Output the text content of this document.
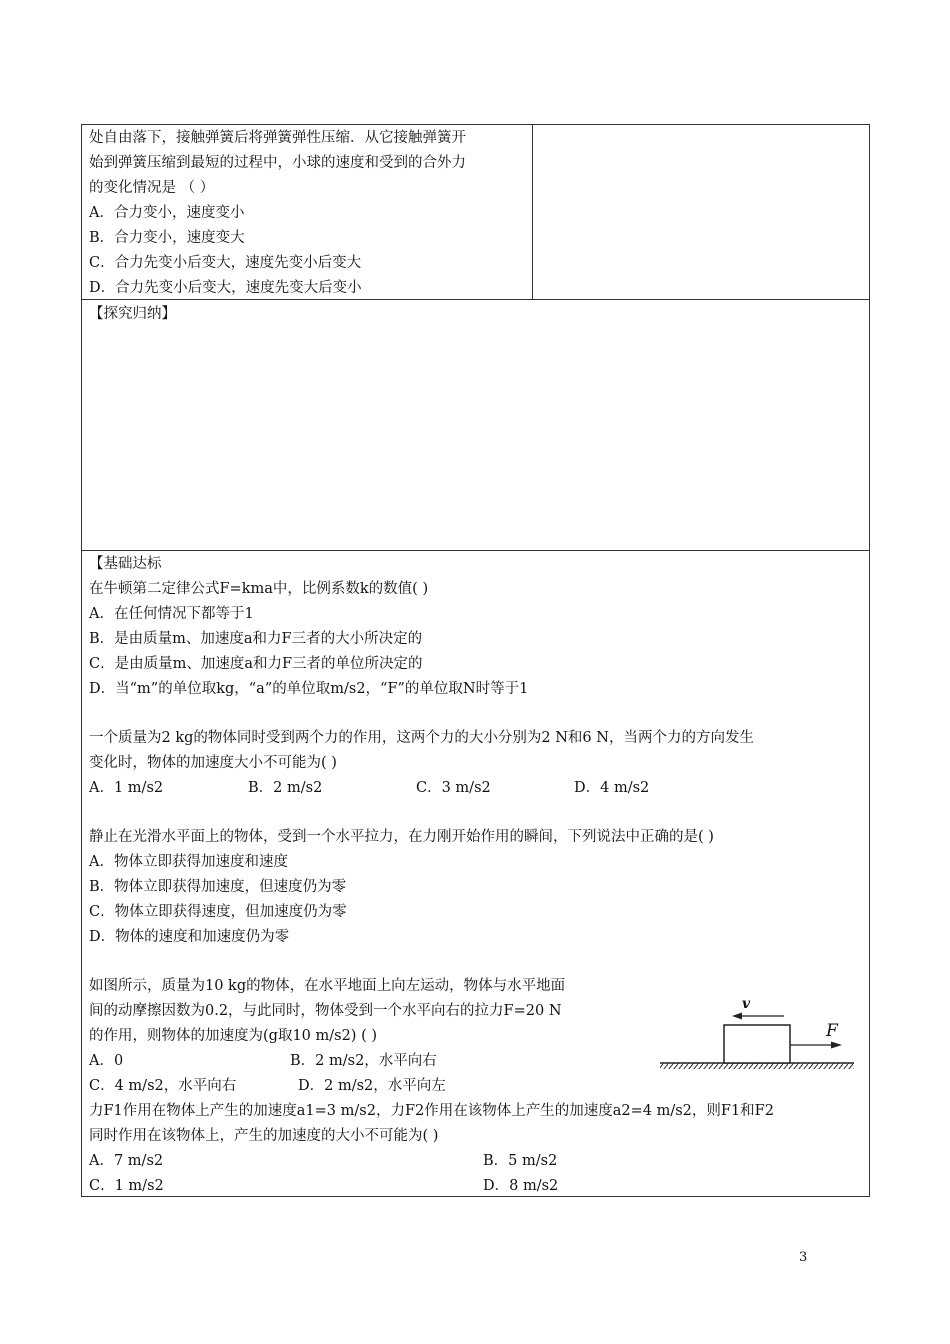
处自由落下，接触弹簧后将弹簧弹性压缩．从它接触弹簧开
始到弹簧压缩到最短的过程中，小球的速度和受到的合外力
的变化情况是 （ ）
A．合力变小，速度变小
B．合力变小，速度变大
C．合力先变小后变大，速度先变小后变大
D．合力先变小后变大，速度先变大后变小
【探究归纳】
【基础达标
在牛顿第二定律公式F=kma中，比例系数k的数值( )
A．在任何情况下都等于1
B．是由质量m、加速度a和力F三者的大小所决定的
C．是由质量m、加速度a和力F三者的单位所决定的
D．当“m”的单位取kg，“a”的单位取m/s2，“F”的单位取N时等于1
一个质量为2 kg的物体同时受到两个力的作用，这两个力的大小分别为2 N和6 N，当两个力的方向发生
变化时，物体的加速度大小不可能为( )
A．1 m/s2	B．2 m/s2	C．3 m/s2	D．4 m/s2
静止在光滑水平面上的物体，受到一个水平拉力，在力刚开始作用的瞬间，下列说法中正确的是( )
A．物体立即获得加速度和速度
B．物体立即获得加速度，但速度仍为零
C．物体立即获得速度，但加速度仍为零
D．物体的速度和加速度仍为零
如图所示，质量为10 kg的物体，在水平地面上向左运动，物体与水平地面
间的动摩擦因数为0.2，与此同时，物体受到一个水平向右的拉力F=20 N
的作用，则物体的加速度为(g取10 m/s2) ( )
A．0	B．2 m/s2，水平向右
C．4 m/s2，水平向右	D．2 m/s2，水平向左
v
F
力F1作用在物体上产生的加速度a1=3 m/s2，力F2作用在该物体上产生的加速度a2=4 m/s2，则F1和F2
同时作用在该物体上，产生的加速度的大小不可能为( )
A．7 m/s2	B．5 m/s2
C．1 m/s2	D．8 m/s2
3
